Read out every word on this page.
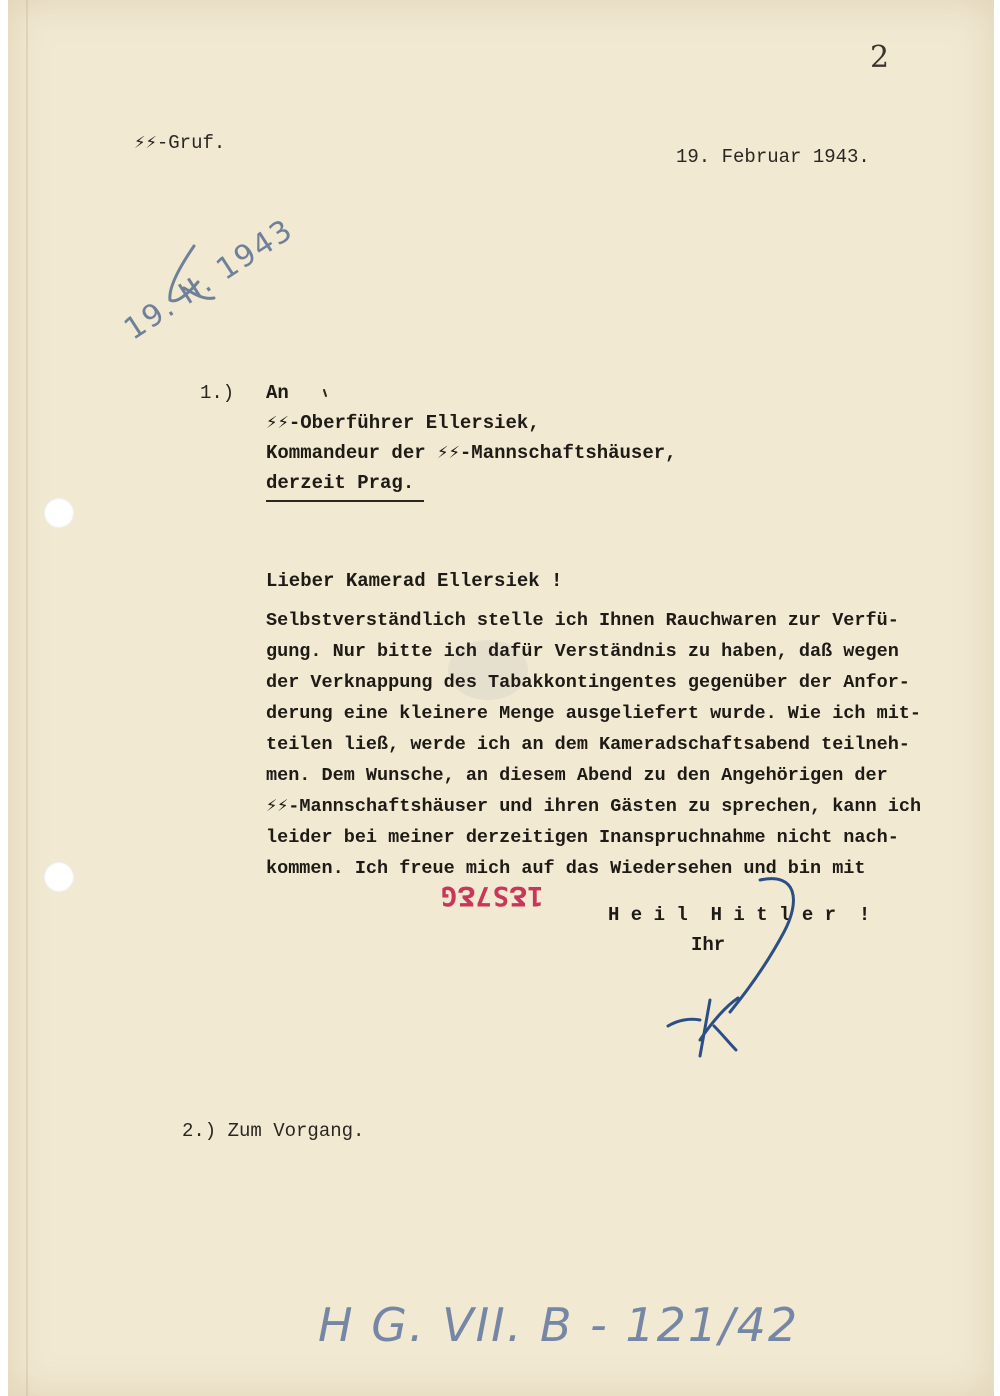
2
⚡⚡-Gruf.
19. Februar 1943.
19. II. 1943
1.) An
⚡⚡-Oberführer Ellersiek,
Kommandeur der ⚡⚡-Mannschaftshäuser,
derzeit Prag.
Lieber Kamerad Ellersiek !
Selbstverständlich stelle ich Ihnen Rauchwaren zur Verfü-
gung. Nur bitte ich dafür Verständnis zu haben, daß wegen
der Verknappung des Tabakkontingentes gegenüber der Anfor-
derung eine kleinere Menge ausgeliefert wurde. Wie ich mit-
teilen ließ, werde ich an dem Kameradschaftsabend teilneh-
men. Dem Wunsche, an diesem Abend zu den Angehörigen der
⚡⚡-Mannschaftshäuser und ihren Gästen zu sprechen, kann ich
leider bei meiner derzeitigen Inanspruchnahme nicht nach-
kommen. Ich freue mich auf das Wiedersehen und bin mit
1ƸS7ƸG
H e i l  H i t l e r  !
Ihr
2.) Zum Vorgang.
H G. VII. B - 121/42
